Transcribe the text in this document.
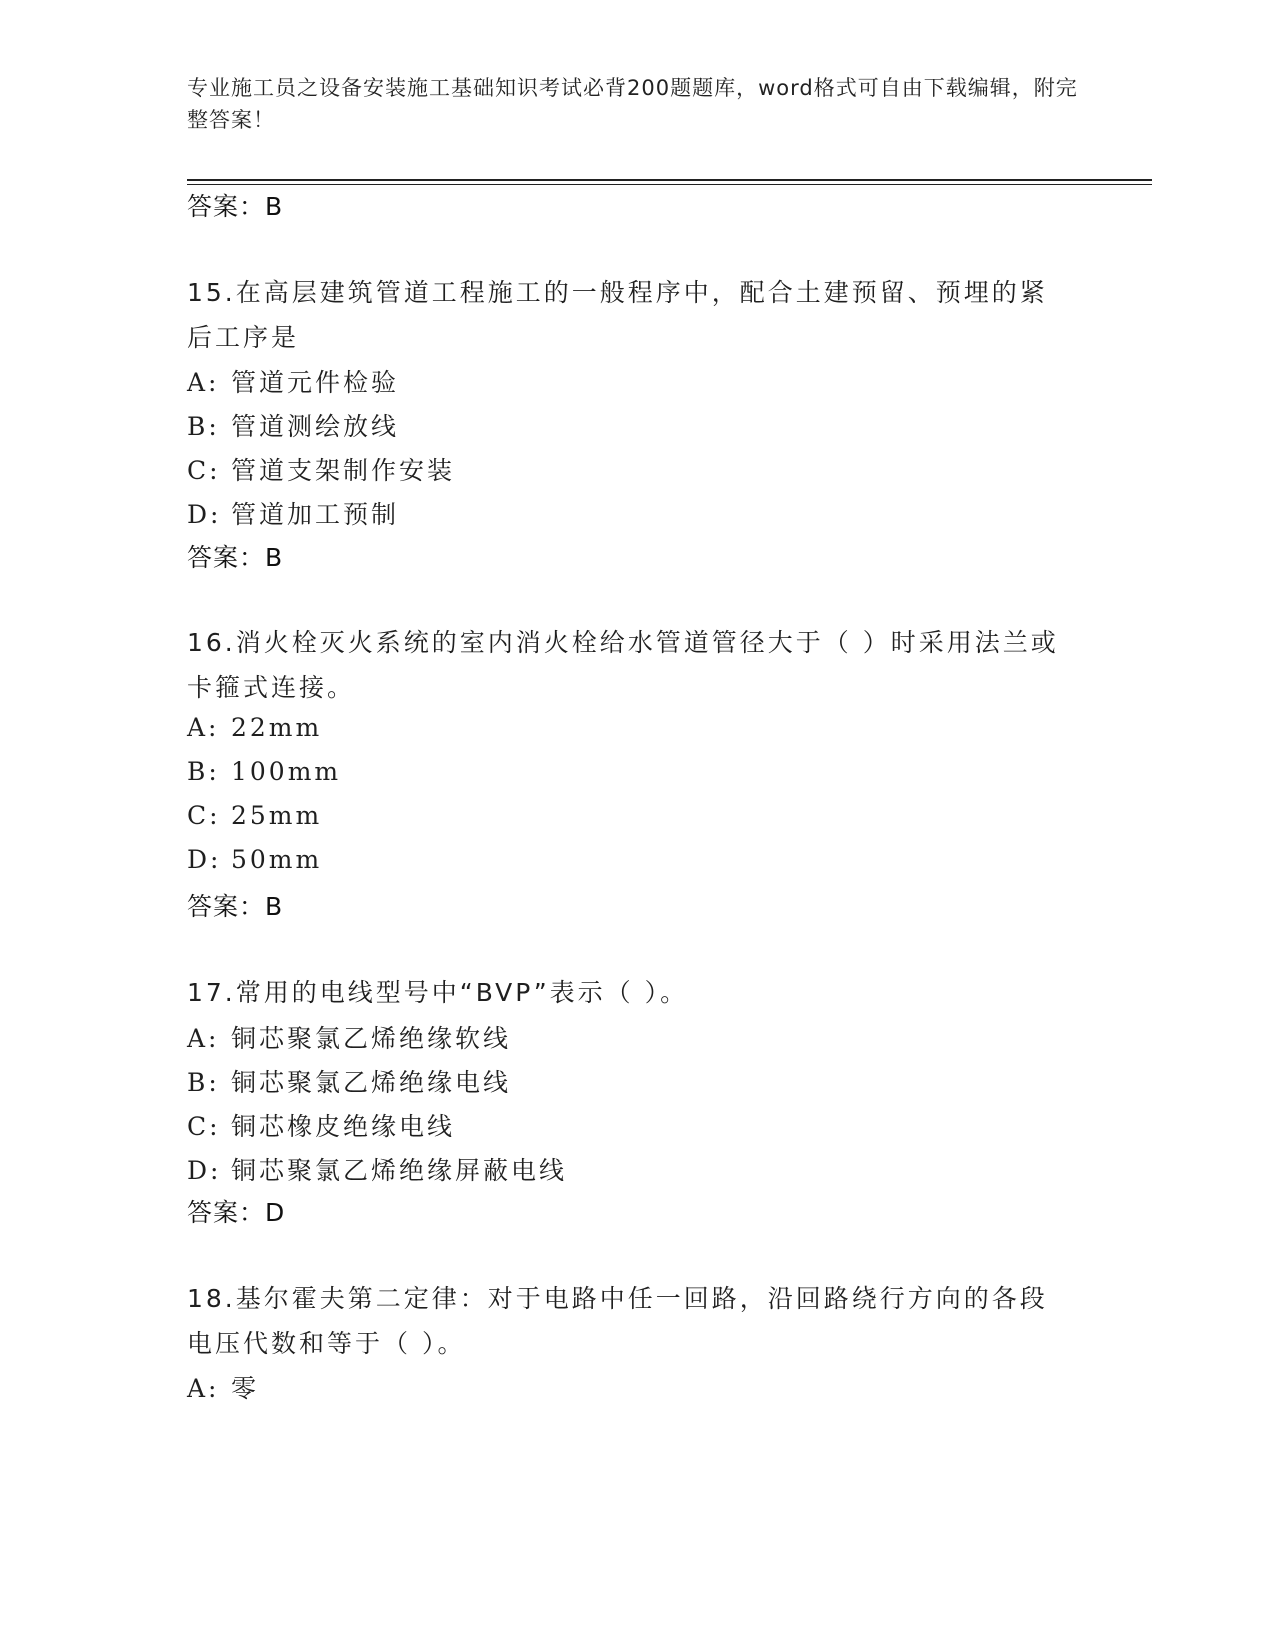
专业施工员之设备安装施工基础知识考试必背200题题库，word格式可自由下载编辑，附完整答案！
答案：B
15.在高层建筑管道工程施工的一般程序中，配合土建预留、预埋的紧后工序是
A: 管道元件检验
B: 管道测绘放线
C: 管道支架制作安装
D: 管道加工预制
答案：B
16.消火栓灭火系统的室内消火栓给水管道管径大于（ ）时采用法兰或卡箍式连接。
A: 22mm
B: 100mm
C: 25mm
D: 50mm
答案：B
17.常用的电线型号中“BVP”表示（ ）。
A: 铜芯聚氯乙烯绝缘软线
B: 铜芯聚氯乙烯绝缘电线
C: 铜芯橡皮绝缘电线
D: 铜芯聚氯乙烯绝缘屏蔽电线
答案：D
18.基尔霍夫第二定律：对于电路中任一回路，沿回路绕行方向的各段电压代数和等于（ ）。
A: 零
